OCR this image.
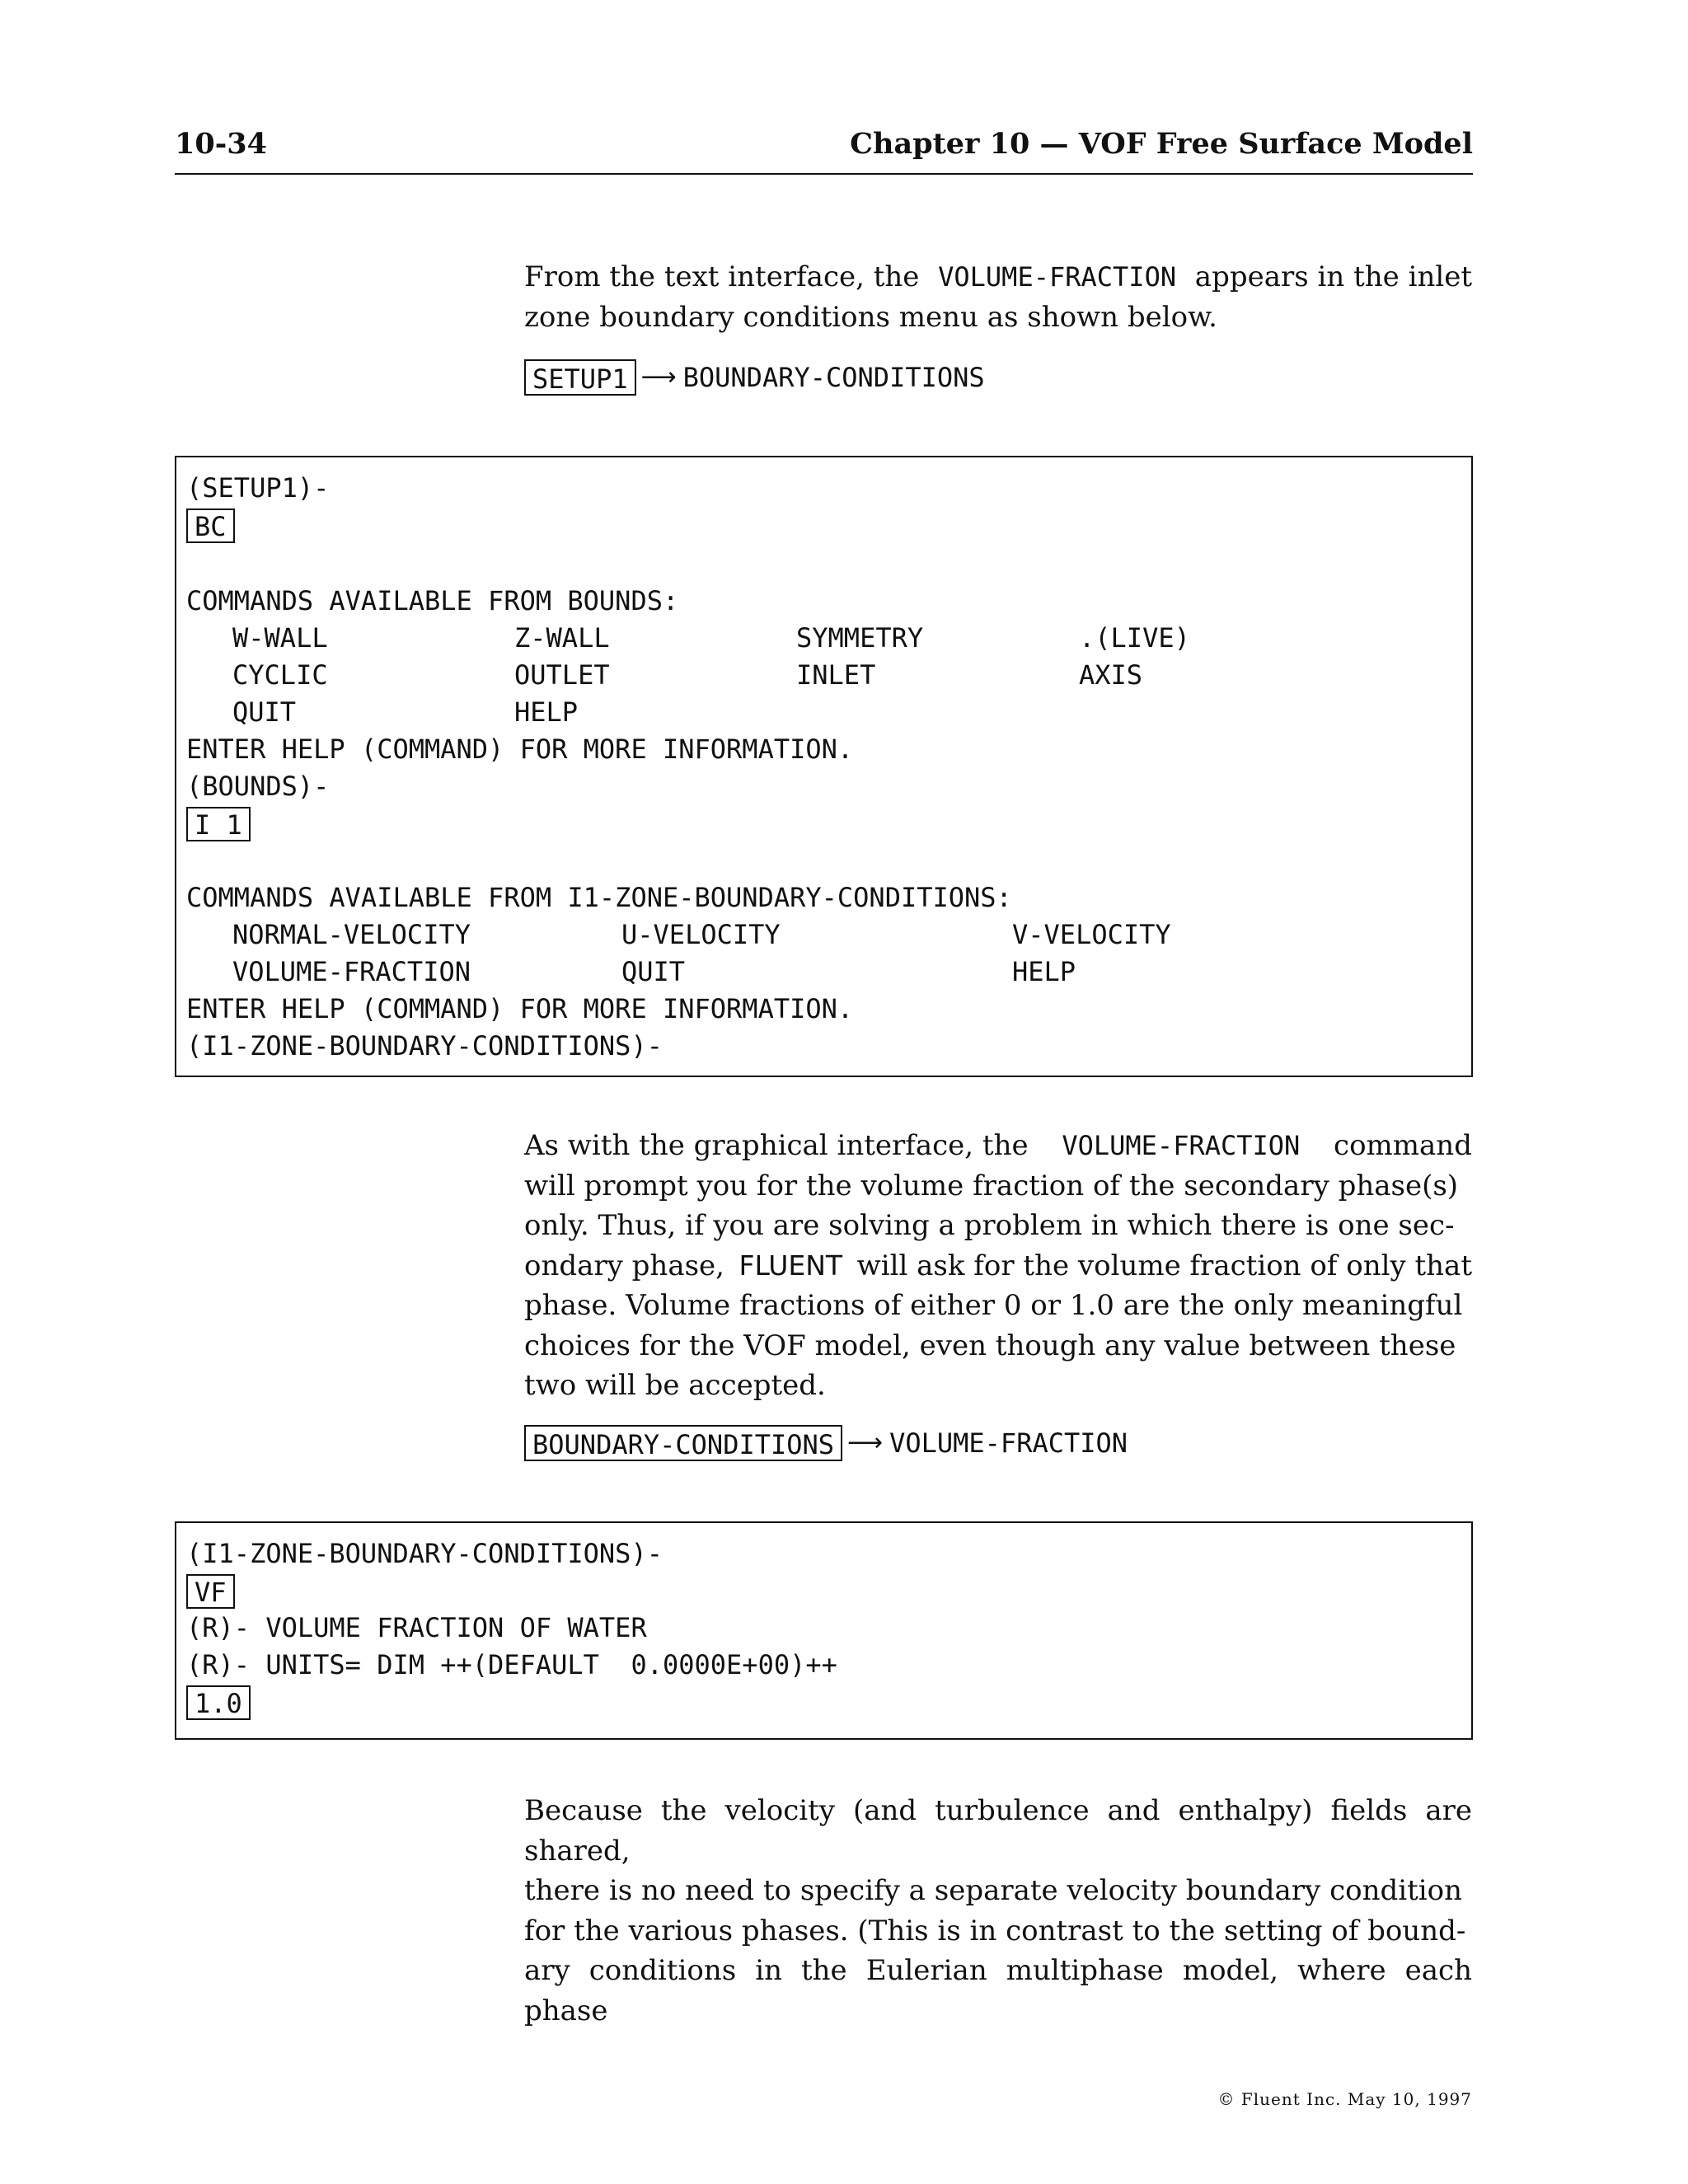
10-34	Chapter 10 — VOF Free Surface Model
From the text interface, the VOLUME-FRACTION appears in the inlet
zone boundary conditions menu as shown below.
SETUP1 ⟶ BOUNDARY-CONDITIONS
(SETUP1)-
BC
COMMANDS AVAILABLE FROM BOUNDS:
W-WALL	Z-WALL	SYMMETRY	.(LIVE)
CYCLIC	OUTLET	INLET	AXIS
QUIT	HELP
ENTER HELP (COMMAND) FOR MORE INFORMATION.
(BOUNDS)-
I 1
COMMANDS AVAILABLE FROM I1-ZONE-BOUNDARY-CONDITIONS:
NORMAL-VELOCITY	U-VELOCITY	V-VELOCITY
VOLUME-FRACTION	QUIT	HELP
ENTER HELP (COMMAND) FOR MORE INFORMATION.
(I1-ZONE-BOUNDARY-CONDITIONS)-
As with the graphical interface, the VOLUME-FRACTION command
will prompt you for the volume fraction of the secondary phase(s)
only. Thus, if you are solving a problem in which there is one sec-
ondary phase, FLUENT will ask for the volume fraction of only that
phase. Volume fractions of either 0 or 1.0 are the only meaningful
choices for the VOF model, even though any value between these
two will be accepted.
BOUNDARY-CONDITIONS ⟶ VOLUME-FRACTION
(I1-ZONE-BOUNDARY-CONDITIONS)-
VF
(R)- VOLUME FRACTION OF WATER
(R)- UNITS= DIM ++(DEFAULT  0.0000E+00)++
1.0
Because the velocity (and turbulence and enthalpy) fields are shared,
there is no need to specify a separate velocity boundary condition
for the various phases. (This is in contrast to the setting of bound-
ary conditions in the Eulerian multiphase model, where each phase
© Fluent Inc. May 10, 1997
